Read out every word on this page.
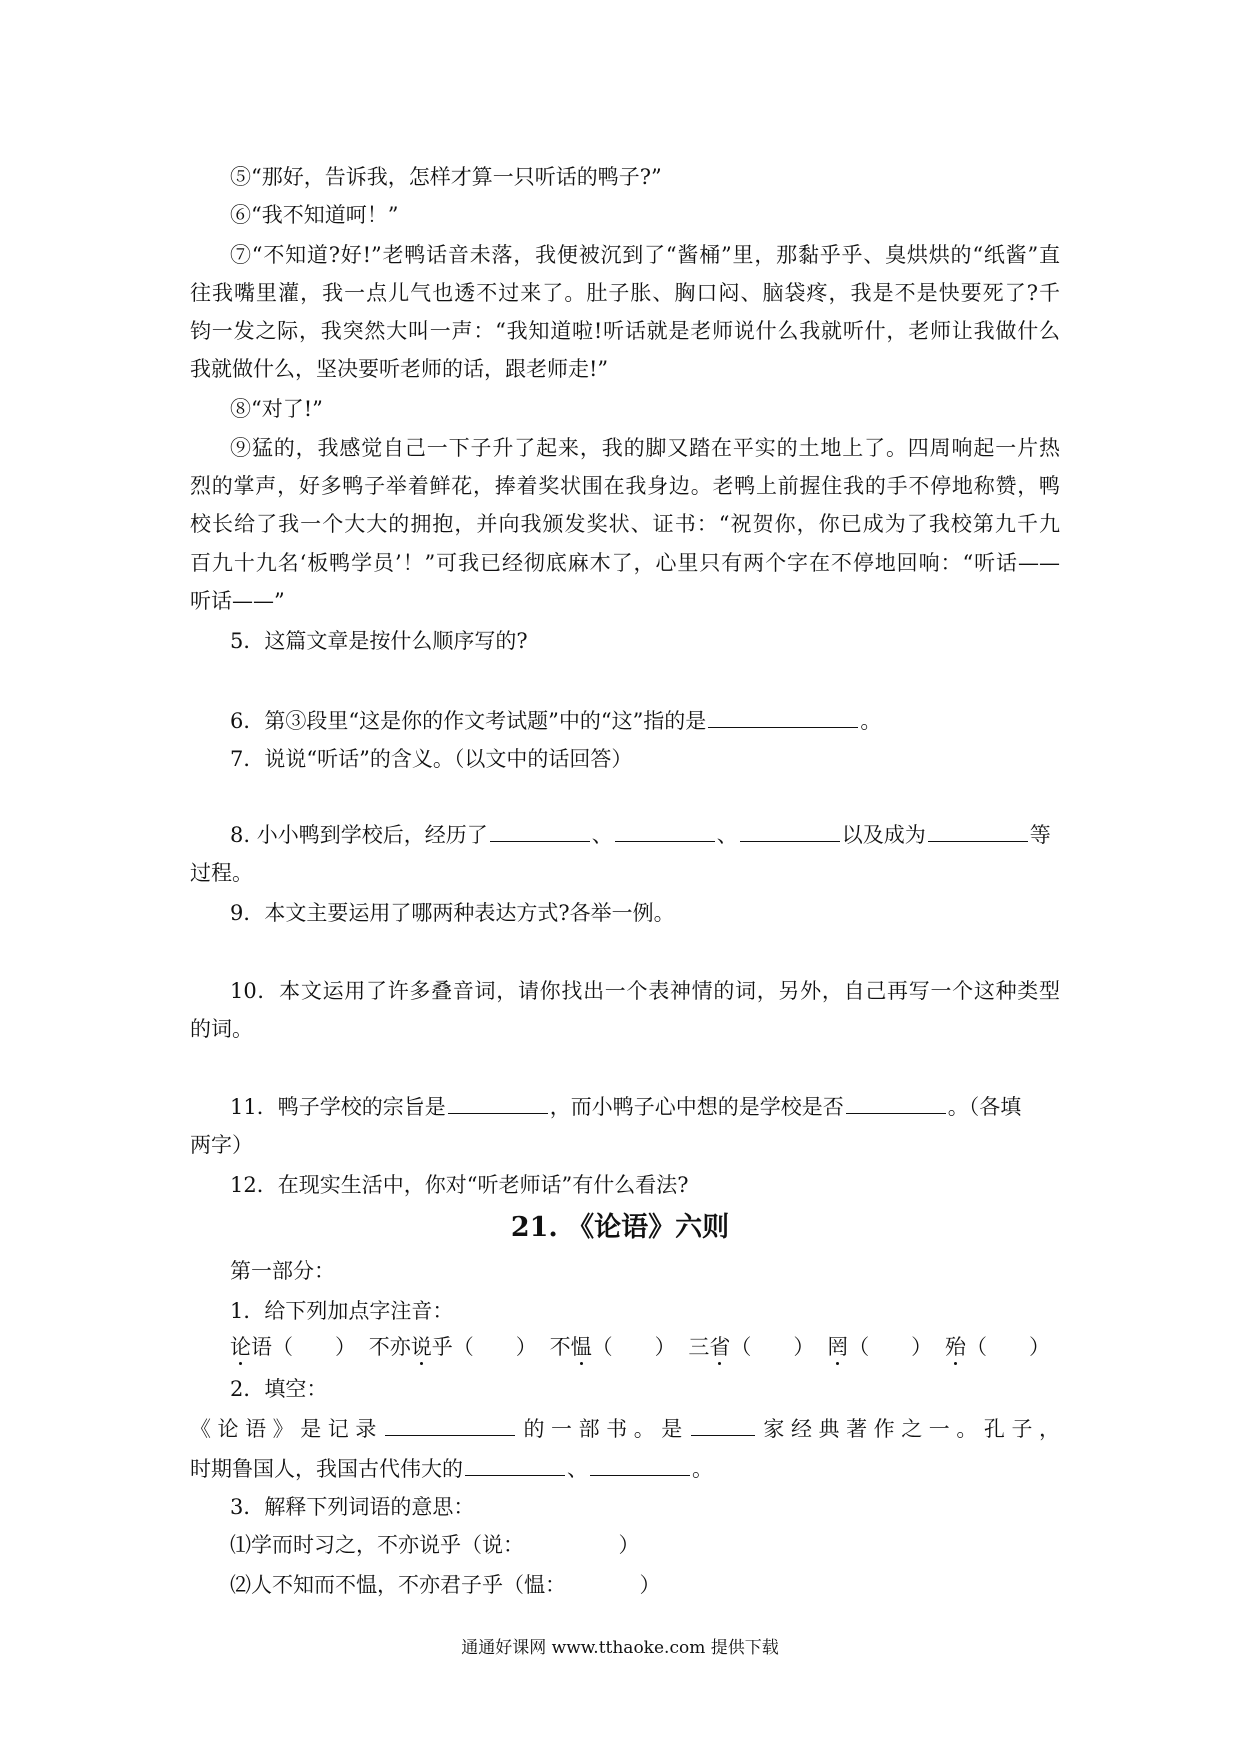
⑤“那好，告诉我，怎样才算一只听话的鸭子?”
⑥“我不知道呵！”
⑦“不知道?好!”老鸭话音未落，我便被沉到了“酱桶”里，那黏乎乎、臭烘烘的“纸酱”直
往我嘴里灌，我一点儿气也透不过来了。肚子胀、胸口闷、脑袋疼，我是不是快要死了?千
钧一发之际，我突然大叫一声：“我知道啦!听话就是老师说什么我就听什，老师让我做什么
我就做什么，坚决要听老师的话，跟老师走!”
⑧“对了!”
⑨猛的，我感觉自己一下子升了起来，我的脚又踏在平实的土地上了。四周响起一片热
烈的掌声，好多鸭子举着鲜花，捧着奖状围在我身边。老鸭上前握住我的手不停地称赞，鸭
校长给了我一个大大的拥抱，并向我颁发奖状、证书：“祝贺你，你已成为了我校第九千九
百九十九名‘板鸭学员’！”可我已经彻底麻木了，心里只有两个字在不停地回响：“听话——
听话——”
5．这篇文章是按什么顺序写的?
6．第③段里“这是你的作文考试题”中的“这”指的是	。
7．说说“听话”的含义。（以文中的话回答）
8. 小小鸭到学校后，经历了	、	、	以及成为	等
过程。
9．本文主要运用了哪两种表达方式?各举一例。
10．本文运用了许多叠音词，请你找出一个表神情的词，另外，自己再写一个这种类型
的词。
11．鸭子学校的宗旨是	，而小鸭子心中想的是学校是否	。（各填
两字）
12．在现实生活中，你对“听老师话”有什么看法?
21. 《论语》六则
第一部分：
1．给下列加点字注音：
论语（　　） 不亦说乎（　　） 不愠（　　） 三省（　　） 罔（　　） 殆（　　）
2．填空：
《论语》是记录	的一部书。是	家经典著作之一。孔子，
时期鲁国人，我国古代伟大的	、	。
3．解释下列词语的意思：
⑴学而时习之，不亦说乎（说：　　　　　）
⑵人不知而不愠，不亦君子乎（愠：　　　　）
通通好课网 www.tthaoke.com 提供下载
